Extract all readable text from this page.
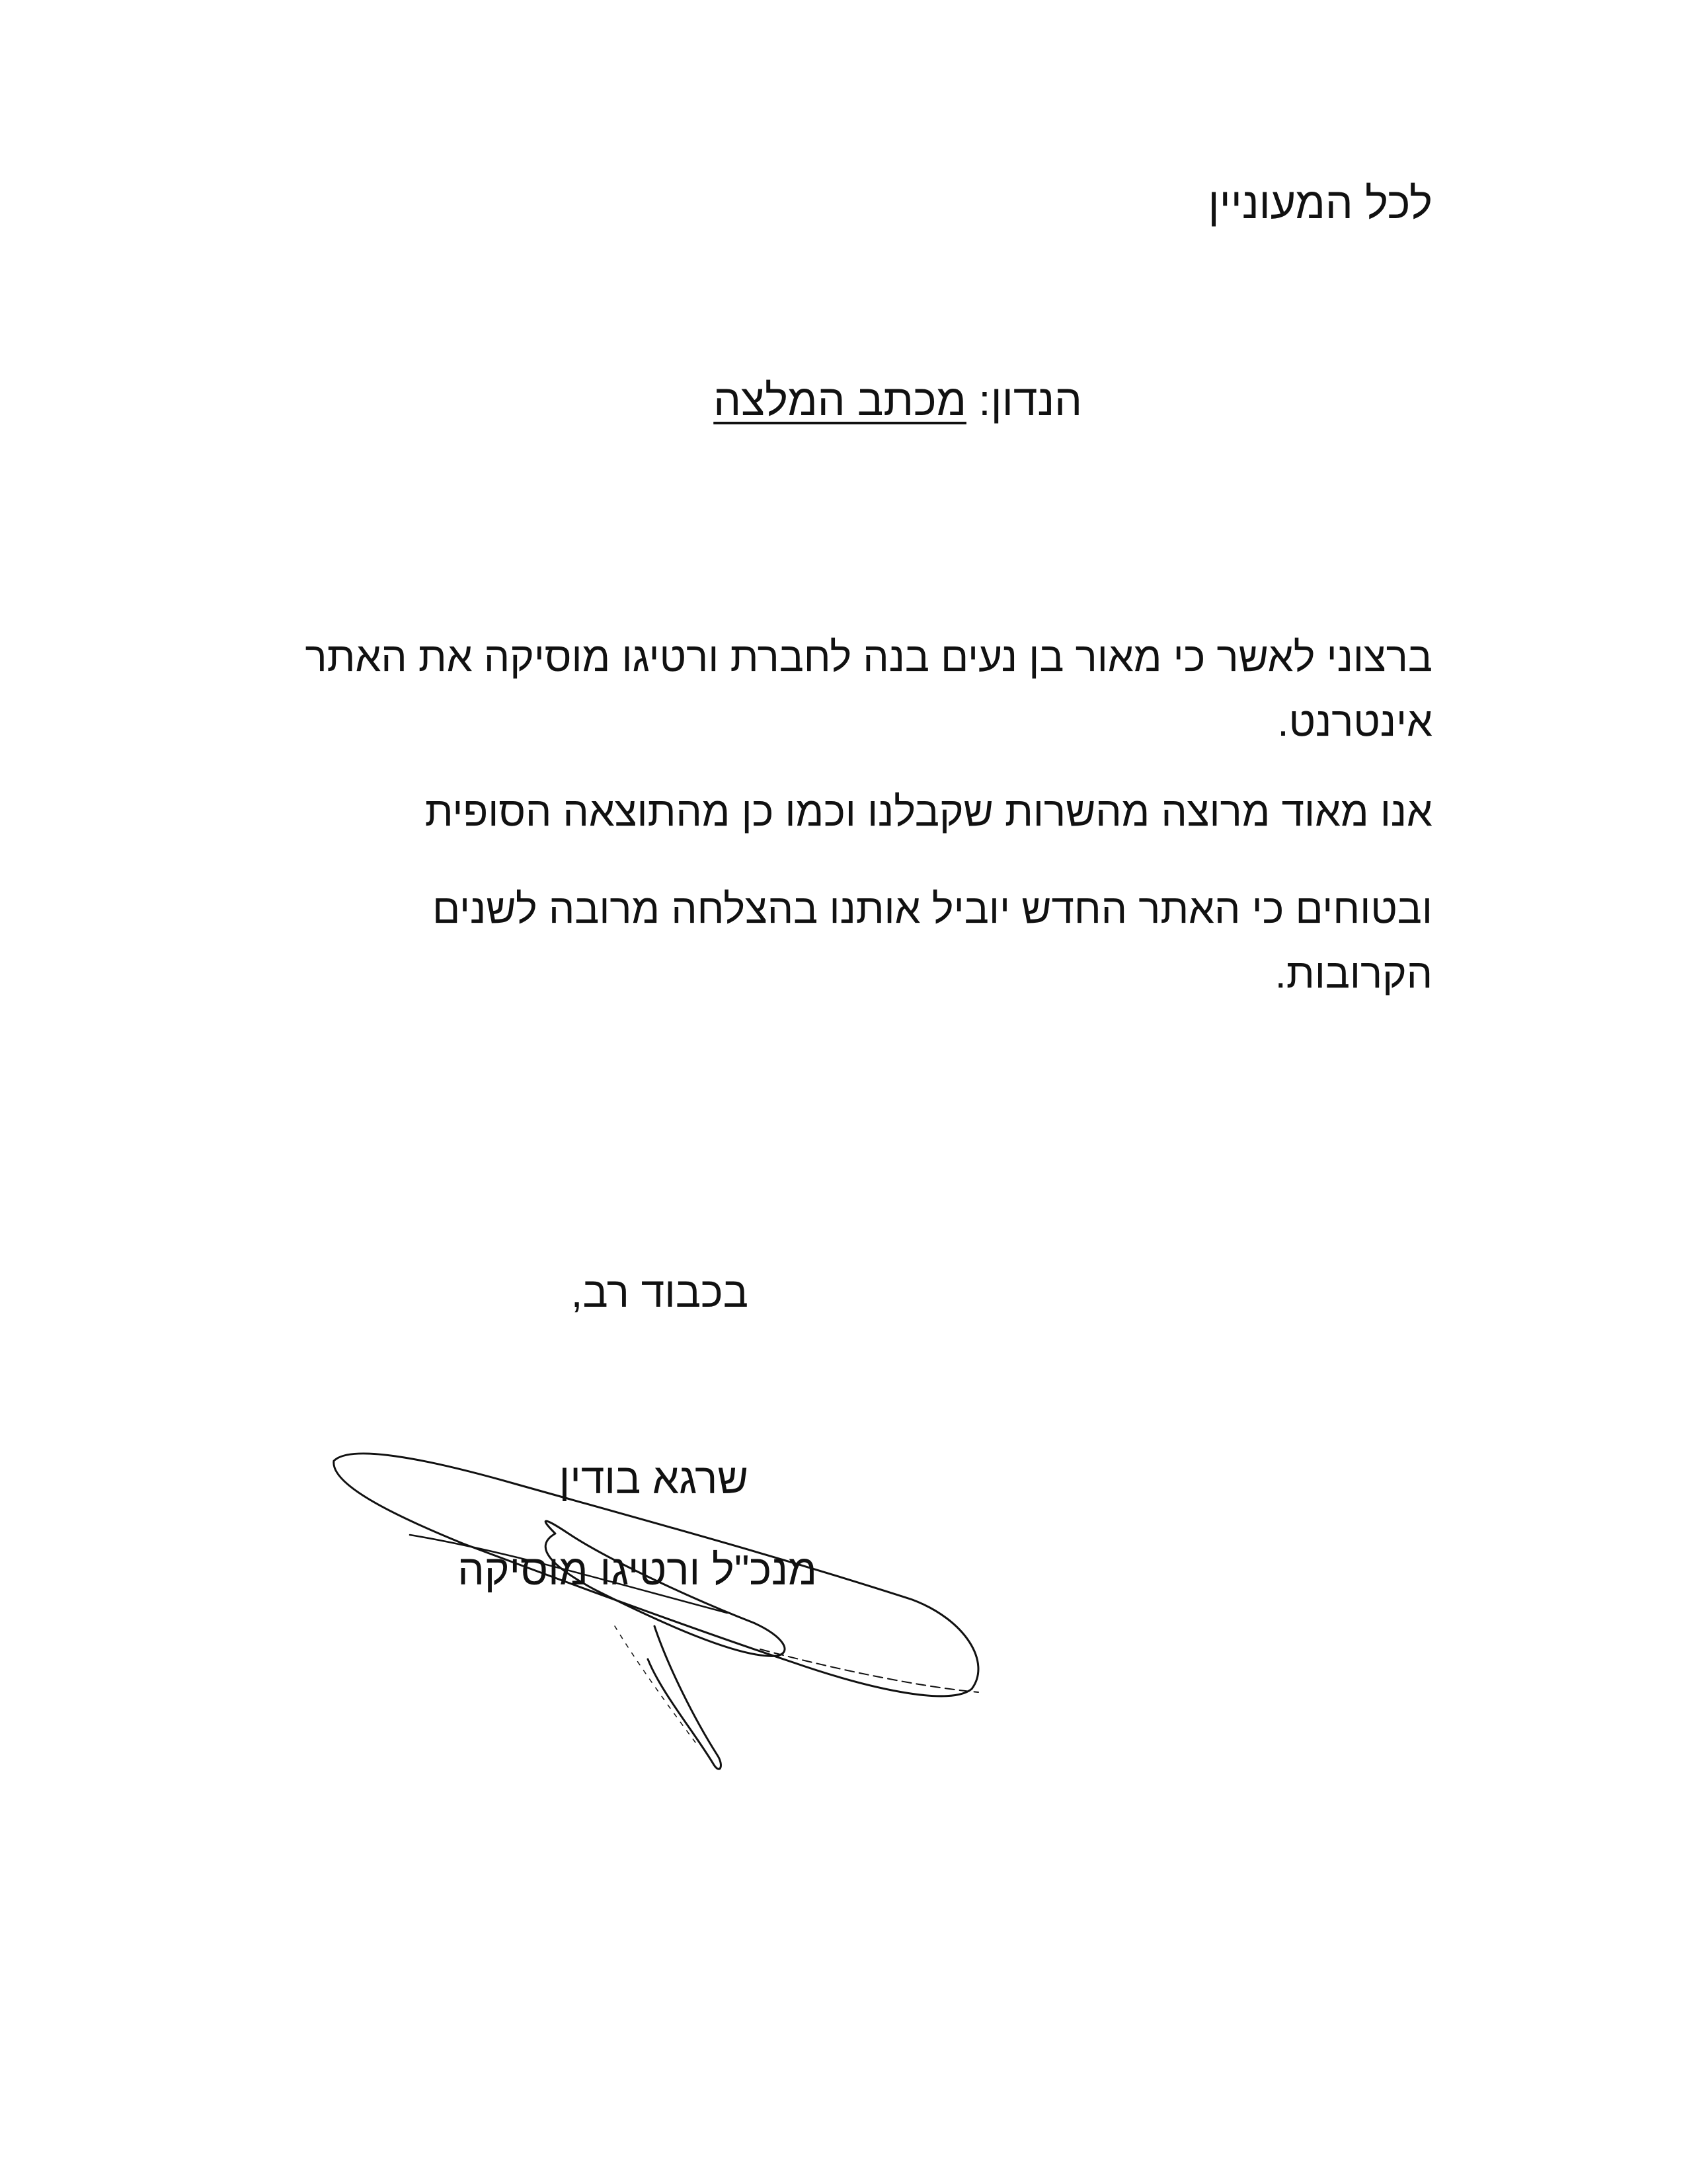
לכל המעוניין
הנדון: מכתב המלצה
ברצוני לאשר כי מאור בן נעים בנה לחברת ורטיגו מוסיקה את האתר אינטרנט.
אנו מאוד מרוצה מהשרות שקבלנו וכמו כן מהתוצאה הסופית
ובטוחים כי האתר החדש יוביל אותנו בהצלחה מרובה לשנים הקרובות.
בכבוד רב,
שרגא בודין
מנכ"ל ורטיגו מוסיקה
